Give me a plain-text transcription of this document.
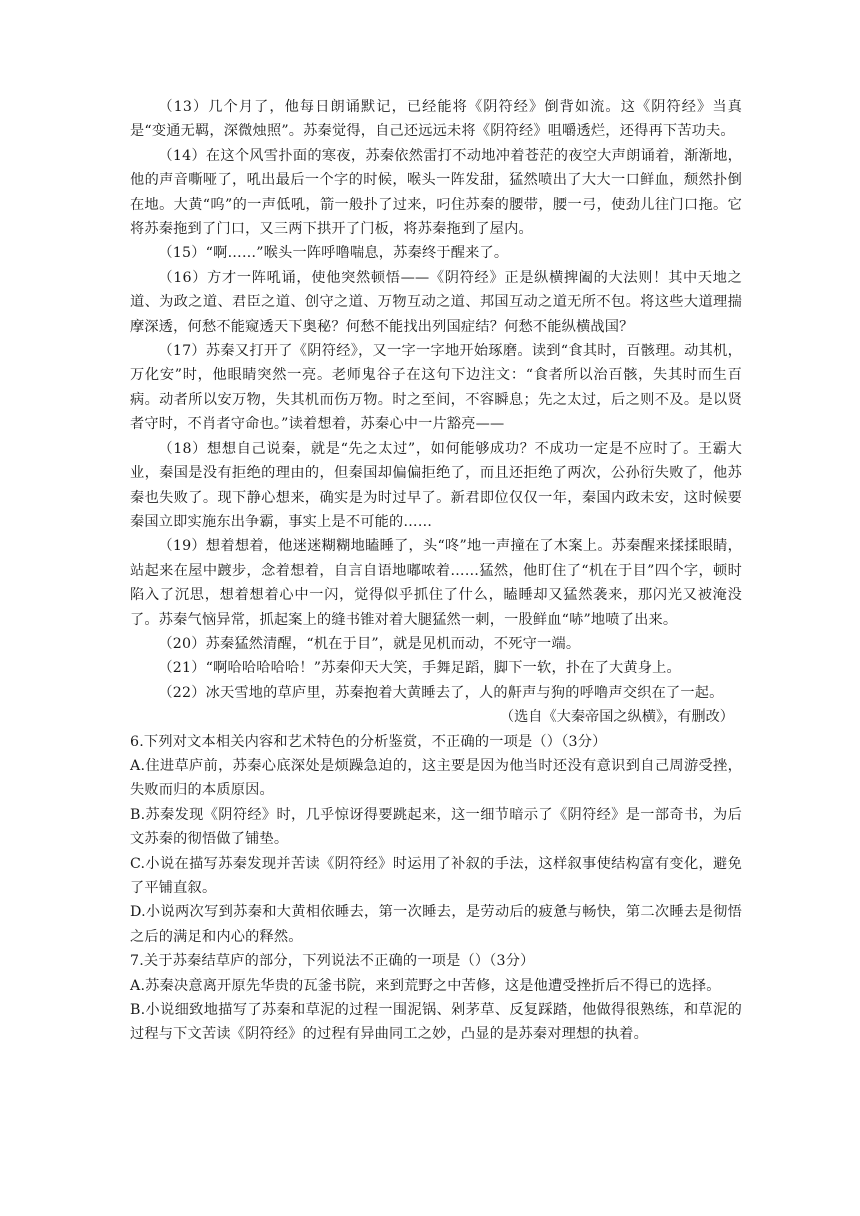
（13）几个月了，他每日朗诵默记，已经能将《阴符经》倒背如流。这《阴符经》当真是“变通无羁，深微烛照”。苏秦觉得，自己还远远未将《阴符经》咀嚼透烂，还得再下苦功夫。

（14）在这个风雪扑面的寒夜，苏秦依然雷打不动地冲着苍茫的夜空大声朗诵着，渐渐地，他的声音嘶哑了，吼出最后一个字的时候，喉头一阵发甜，猛然喷出了大大一口鲜血，颓然扑倒在地。大黄“呜”的一声低吼，箭一般扑了过来，叼住苏秦的腰带，腰一弓，使劲儿往门口拖。它将苏秦拖到了门口，又三两下拱开了门板，将苏秦拖到了屋内。

（15）“啊……”喉头一阵呼噜喘息，苏秦终于醒来了。

（16）方才一阵吼诵，使他突然顿悟——《阴符经》正是纵横捭阖的大法则！其中天地之道、为政之道、君臣之道、创守之道、万物互动之道、邦国互动之道无所不包。将这些大道理揣摩深透，何愁不能窥透天下奥秘？何愁不能找出列国症结？何愁不能纵横战国？

（17）苏秦又打开了《阴符经》，又一字一字地开始琢磨。读到“食其时，百骸理。动其机，万化安”时，他眼睛突然一亮。老师鬼谷子在这句下边注文：“食者所以治百骸，失其时而生百病。动者所以安万物，失其机而伤万物。时之至间，不容瞬息；先之太过，后之则不及。是以贤者守时，不肖者守命也。”读着想着，苏秦心中一片豁亮——

（18）想想自己说秦，就是“先之太过”，如何能够成功？不成功一定是不应时了。王霸大业，秦国是没有拒绝的理由的，但秦国却偏偏拒绝了，而且还拒绝了两次，公孙衍失败了，他苏秦也失败了。现下静心想来，确实是为时过早了。新君即位仅仅一年，秦国内政未安，这时候要秦国立即实施东出争霸，事实上是不可能的……

（19）想着想着，他迷迷糊糊地瞌睡了，头“咚”地一声撞在了木案上。苏秦醒来揉揉眼睛，站起来在屋中踱步，念着想着，自言自语地嘟哝着……猛然，他盯住了“机在于目”四个字，顿时陷入了沉思，想着想着心中一闪，觉得似乎抓住了什么，瞌睡却又猛然袭来，那闪光又被淹没了。苏秦气恼异常，抓起案上的缝书锥对着大腿猛然一刺，一股鲜血“哧”地喷了出来。

（20）苏秦猛然清醒，“机在于目”，就是见机而动，不死守一端。

（21）“啊哈哈哈哈哈！”苏秦仰天大笑，手舞足蹈，脚下一软，扑在了大黄身上。

（22）冰天雪地的草庐里，苏秦抱着大黄睡去了，人的鼾声与狗的呼噜声交织在了一起。

（选自《大秦帝国之纵横》，有删改）

6.下列对文本相关内容和艺术特色的分析鉴赏，不正确的一项是（）（3分）

A.住进草庐前，苏秦心底深处是烦躁急迫的，这主要是因为他当时还没有意识到自己周游受挫，失败而归的本质原因。

B.苏秦发现《阴符经》时，几乎惊讶得要跳起来，这一细节暗示了《阴符经》是一部奇书，为后文苏秦的彻悟做了铺垫。

C.小说在描写苏秦发现并苦读《阴符经》时运用了补叙的手法，这样叙事使结构富有变化，避免了平铺直叙。

D.小说两次写到苏秦和大黄相依睡去，第一次睡去，是劳动后的疲惫与畅快，第二次睡去是彻悟之后的满足和内心的释然。

7.关于苏秦结草庐的部分，下列说法不正确的一项是（）（3分）

A.苏秦决意离开原先华贵的瓦釜书院，来到荒野之中苦修，这是他遭受挫折后不得已的选择。

B.小说细致地描写了苏秦和草泥的过程一围泥锅、剁茅草、反复踩踏，他做得很熟练，和草泥的过程与下文苦读《阴符经》的过程有异曲同工之妙，凸显的是苏秦对理想的执着。
